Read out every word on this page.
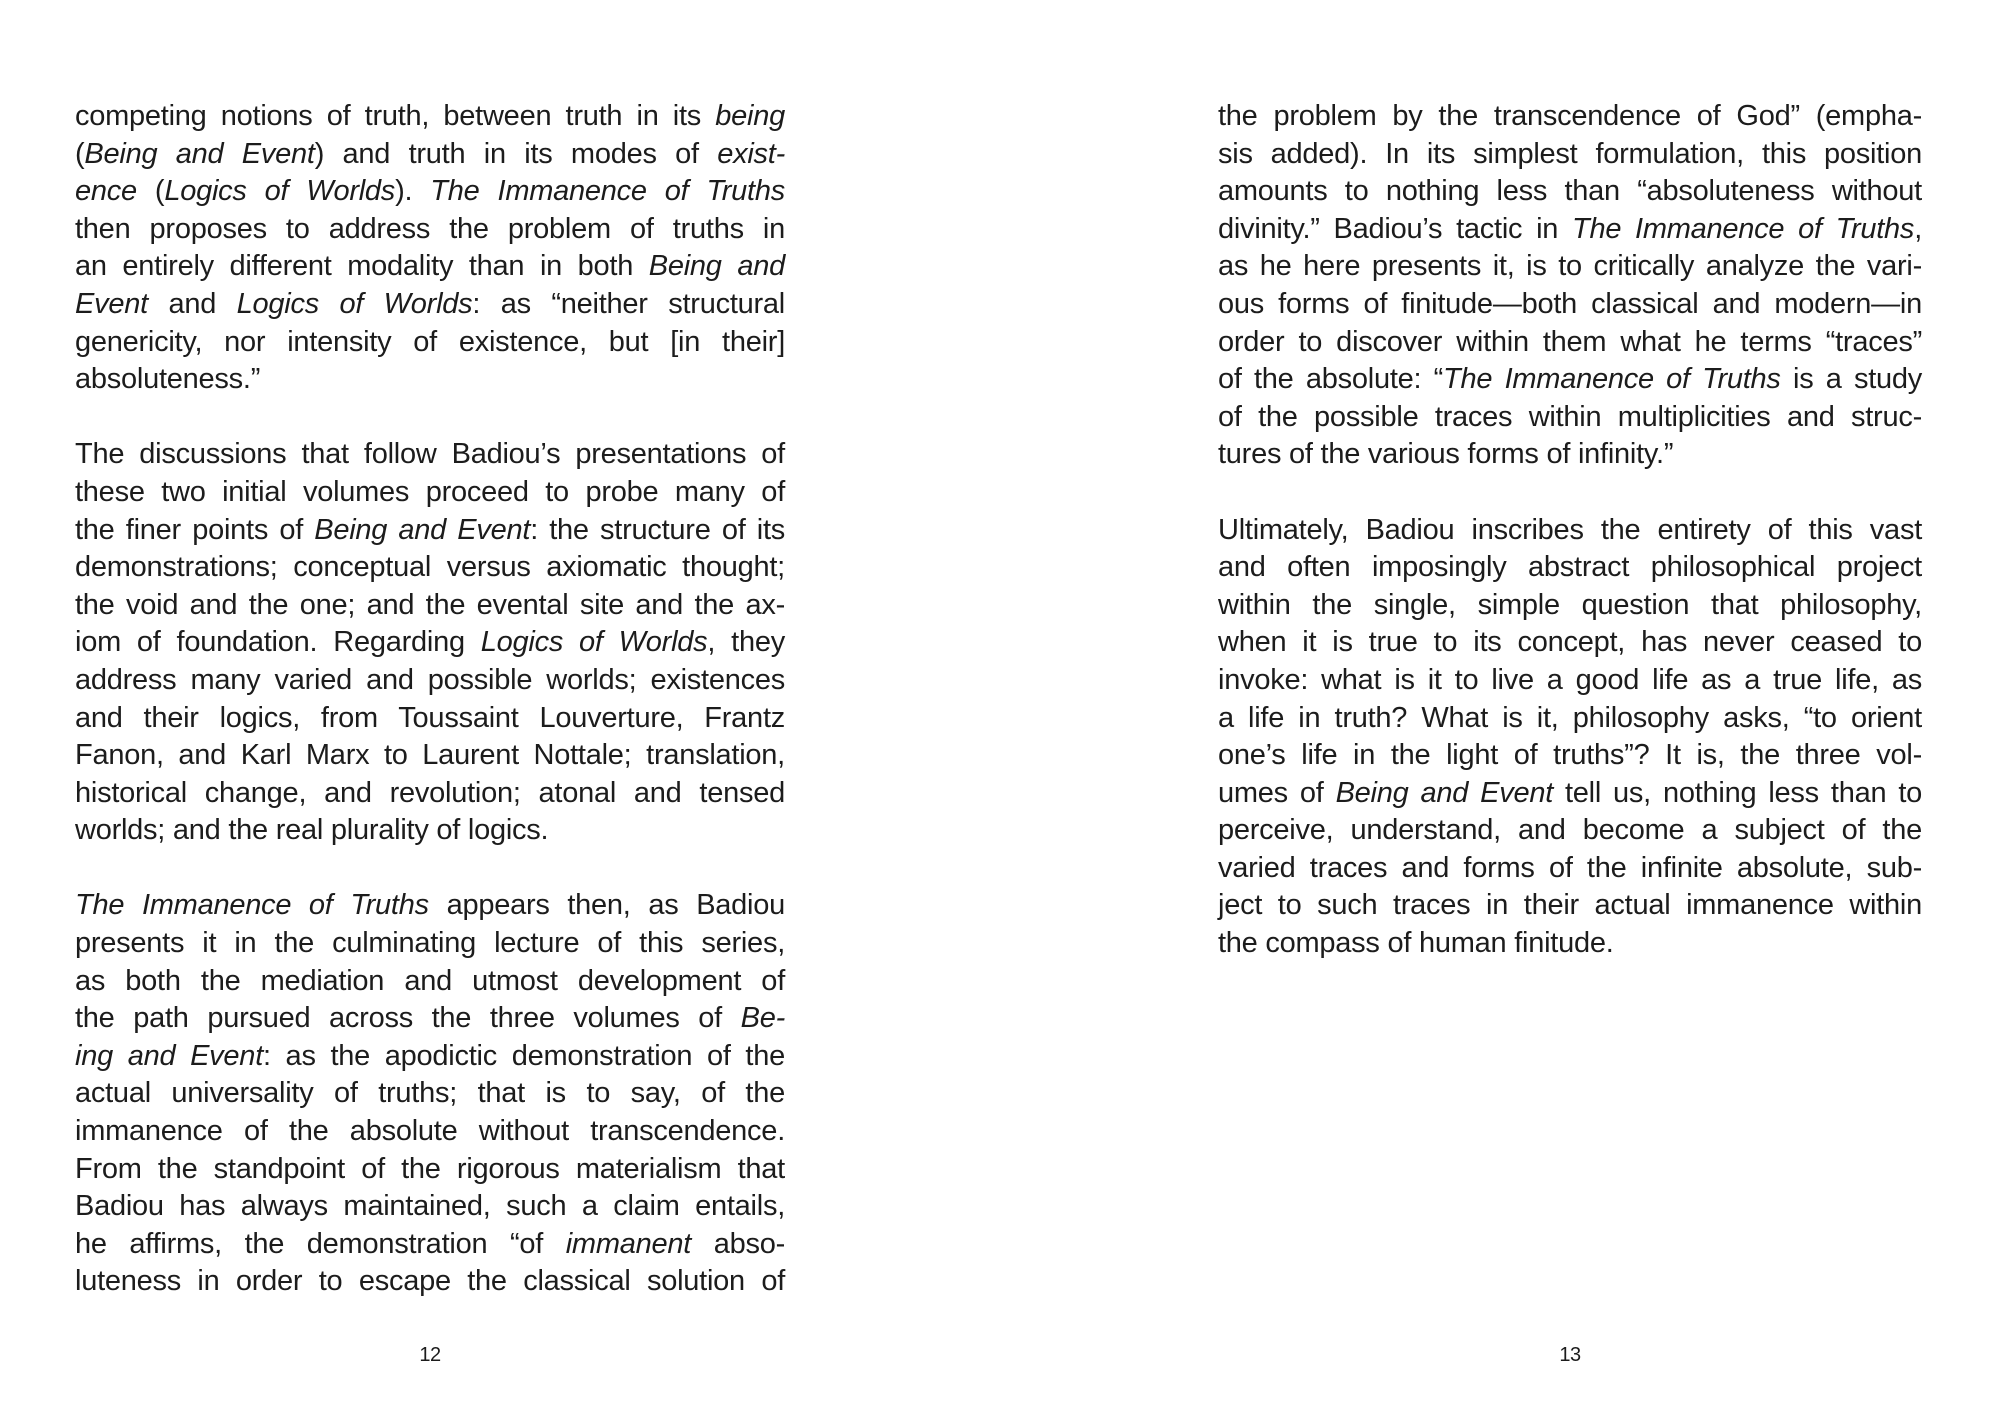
competing notions of truth, between truth in its being
(Being and Event) and truth in its modes of exist-
ence (Logics of Worlds). The Immanence of Truths
then proposes to address the problem of truths in
an entirely different modality than in both Being and
Event and Logics of Worlds: as “neither structural
genericity, nor intensity of existence, but [in their]
absoluteness.”
The discussions that follow Badiou’s presentations of
these two initial volumes proceed to probe many of
the finer points of Being and Event: the structure of its
demonstrations; conceptual versus axiomatic thought;
the void and the one; and the evental site and the ax-
iom of foundation. Regarding Logics of Worlds, they
address many varied and possible worlds; existences
and their logics, from Toussaint Louverture, Frantz
Fanon, and Karl Marx to Laurent Nottale; translation,
historical change, and revolution; atonal and tensed
worlds; and the real plurality of logics.
The Immanence of Truths appears then, as Badiou
presents it in the culminating lecture of this series,
as both the mediation and utmost development of
the path pursued across the three volumes of Be-
ing and Event: as the apodictic demonstration of the
actual universality of truths; that is to say, of the
immanence of the absolute without transcendence.
From the standpoint of the rigorous materialism that
Badiou has always maintained, such a claim entails,
he affirms, the demonstration “of immanent abso-
luteness in order to escape the classical solution of
12
the problem by the transcendence of God” (empha-
sis added). In its simplest formulation, this position
amounts to nothing less than “absoluteness without
divinity.” Badiou’s tactic in The Immanence of Truths,
as he here presents it, is to critically analyze the vari-
ous forms of finitude—both classical and modern—in
order to discover within them what he terms “traces”
of the absolute: “The Immanence of Truths is a study
of the possible traces within multiplicities and struc-
tures of the various forms of infinity.”
Ultimately, Badiou inscribes the entirety of this vast
and often imposingly abstract philosophical project
within the single, simple question that philosophy,
when it is true to its concept, has never ceased to
invoke: what is it to live a good life as a true life, as
a life in truth? What is it, philosophy asks, “to orient
one’s life in the light of truths”? It is, the three vol-
umes of Being and Event tell us, nothing less than to
perceive, understand, and become a subject of the
varied traces and forms of the infinite absolute, sub-
ject to such traces in their actual immanence within
the compass of human finitude.
13
